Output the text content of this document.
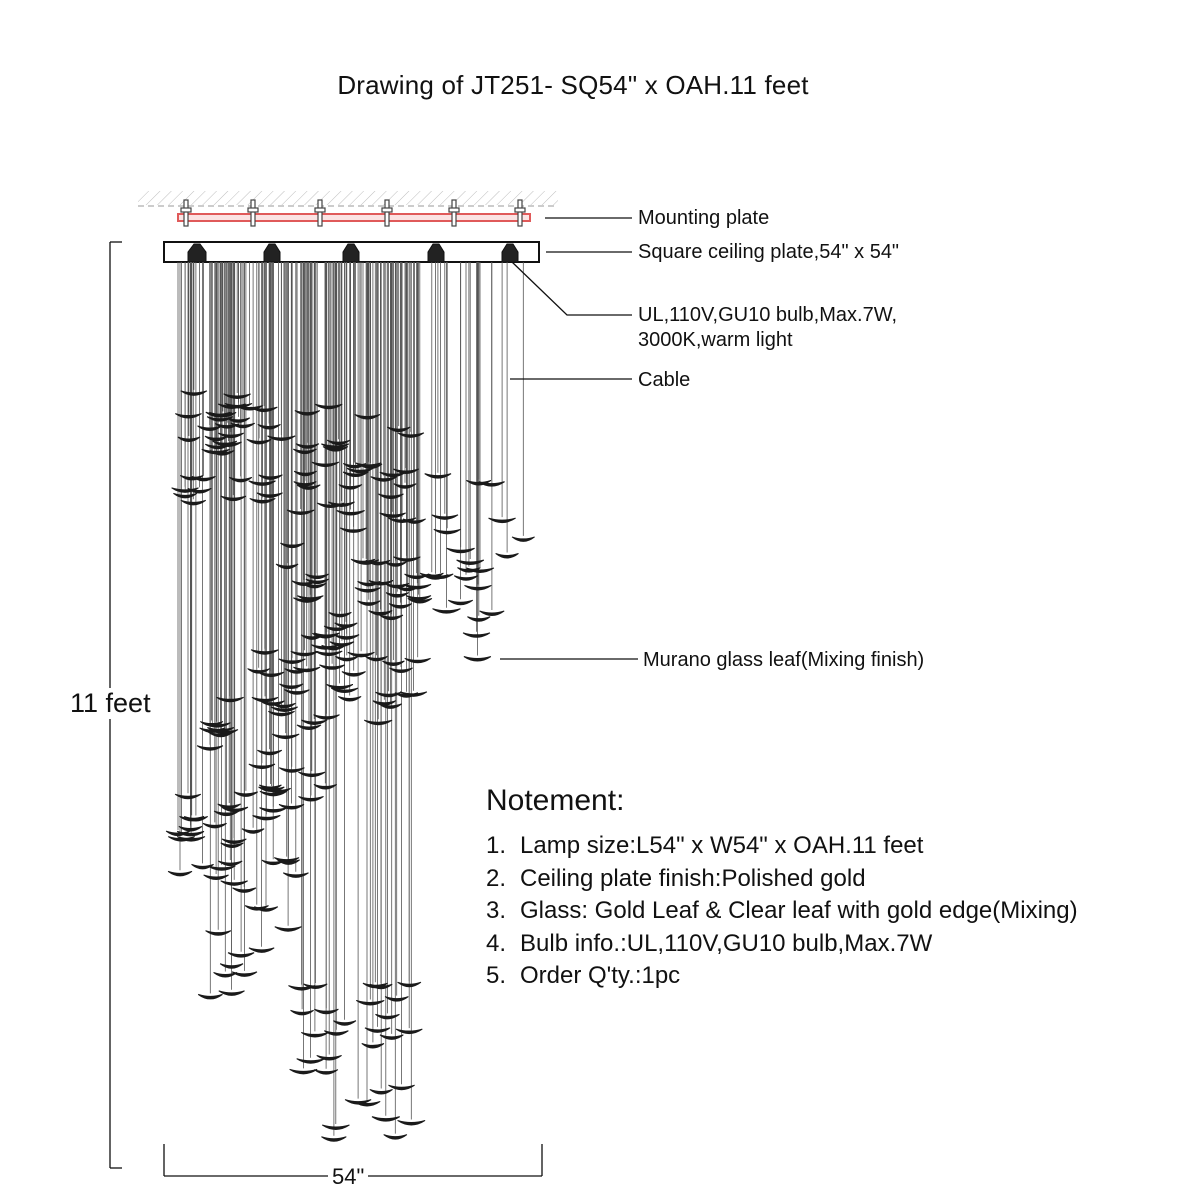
Drawing of JT251- SQ54" x OAH.11 feet
Mounting plate
Square ceiling plate,54" x 54"
UL,110V,GU10 bulb,Max.7W,
3000K,warm light
Cable
Murano glass leaf(Mixing finish)
11 feet
54"
Notement:
1. Lamp size:L54" x W54" x OAH.11 feet
2. Ceiling plate finish:Polished gold
3. Glass: Gold Leaf & Clear leaf with gold edge(Mixing)
4. Bulb info.:UL,110V,GU10 bulb,Max.7W
5. Order Q'ty.:1pc
